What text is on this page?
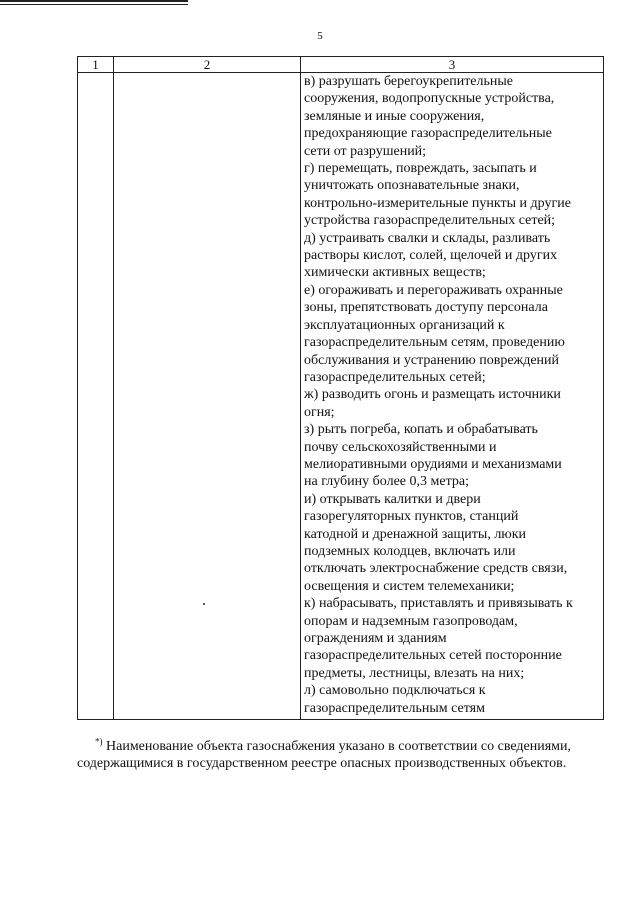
5
1	2	3
в) разрушать берегоукрепительные
сооружения, водопропускные устройства,
земляные и иные сооружения,
предохраняющие газораспределительные
сети от разрушений;
г) перемещать, повреждать, засыпать и
уничтожать опознавательные знаки,
контрольно-измерительные пункты и другие
устройства газораспределительных сетей;
д) устраивать свалки и склады, разливать
растворы кислот, солей, щелочей и других
химически активных веществ;
е) огораживать и перегораживать охранные
зоны, препятствовать доступу персонала
эксплуатационных организаций к
газораспределительным сетям, проведению
обслуживания и устранению повреждений
газораспределительных сетей;
ж) разводить огонь и размещать источники
огня;
з) рыть погреба, копать и обрабатывать
почву сельскохозяйственными и
мелиоративными орудиями и механизмами
на глубину более 0,3 метра;
и) открывать калитки и двери
газорегуляторных пунктов, станций
катодной и дренажной защиты, люки
подземных колодцев, включать или
отключать электроснабжение средств связи,
освещения и систем телемеханики;
к) набрасывать, приставлять и привязывать к
опорам и надземным газопроводам,
ограждениям и зданиям
газораспределительных сетей посторонние
предметы, лестницы, влезать на них;
л) самовольно подключаться к
газораспределительным сетям

*) Наименование объекта газоснабжения указано в соответствии со сведениями,
содержащимися в государственном реестре опасных производственных объектов.
